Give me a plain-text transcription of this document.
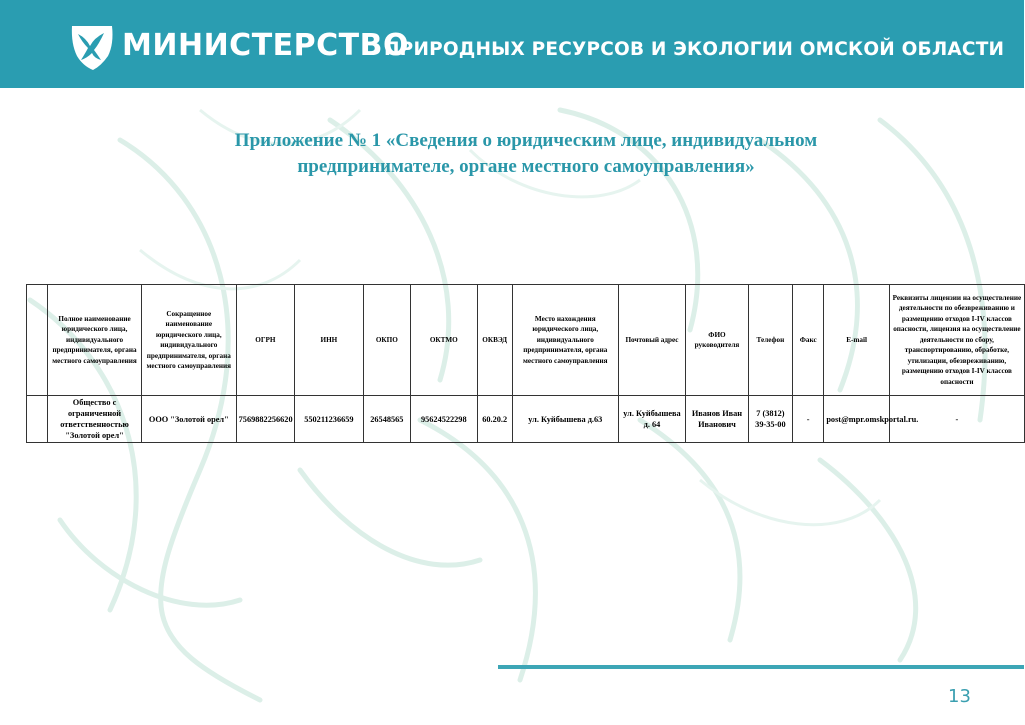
МИНИСТЕРСТВО
ПРИРОДНЫХ РЕСУРСОВ И ЭКОЛОГИИ ОМСКОЙ ОБЛАСТИ
Приложение № 1 «Сведения о юридическим лице, индивидуальном
предпринимателе, органе местного самоуправления»
	Полное наименование юридического лица, индивидуального предпринимателя, органа местного самоуправления	Сокращенное наименование юридического лица, индивидуального предпринимателя, органа местного самоуправления	ОГРН	ИНН	ОКПО	ОКТМО	ОКВЭД	Место нахождения юридического лица, индивидуального предпринимателя, органа местного самоуправления	Почтовый адрес	ФИО руководителя	Телефон	Факс	E-mail	Реквизиты лицензии на осуществление деятельности по обезвреживанию и размещению отходов I-IV классов опасности, лицензия на осуществление деятельности по сбору, транспортированию, обработке, утилизации, обезвреживанию, размещению отходов I-IV классов опасности
	Общество с ограниченной ответственностью "Золотой орел"	ООО "Золотой орел"	7569882256620	550211236659	26548565	95624522298	60.20.2	ул. Куйбышева д.63	ул. Куйбышева д. 64	Иванов Иван Иванович	7 (3812) 39-35-00	-	post@mpr.omskportal.ru.	-
13
